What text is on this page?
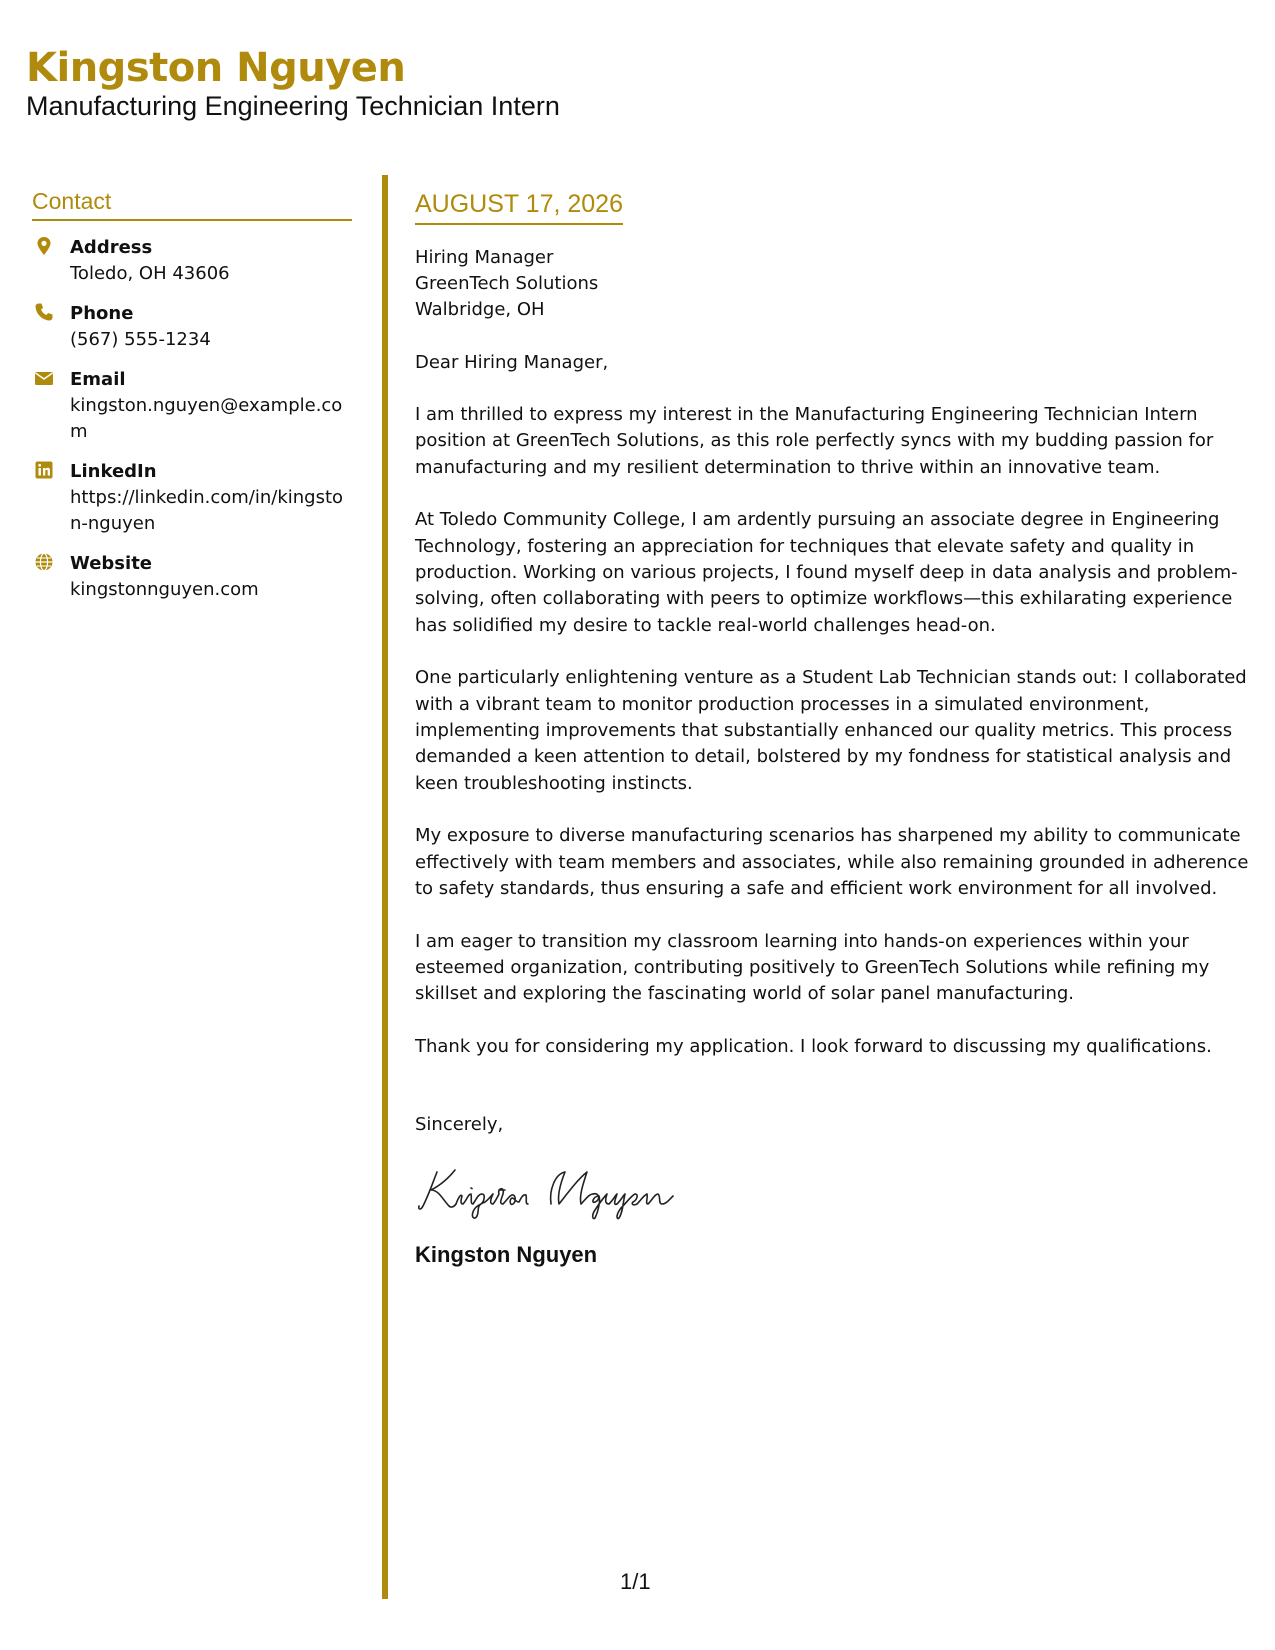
Kingston Nguyen
Manufacturing Engineering Technician Intern
Contact
Address
Toledo, OH 43606
Phone
(567) 555-1234
Email
kingston.nguyen@example.com
LinkedIn
https://linkedin.com/in/kingston-nguyen
Website
kingstonnguyen.com
AUGUST 17, 2026
Hiring Manager
GreenTech Solutions
Walbridge, OH
Dear Hiring Manager,
I am thrilled to express my interest in the Manufacturing Engineering Technician Intern position at GreenTech Solutions, as this role perfectly syncs with my budding passion for manufacturing and my resilient determination to thrive within an innovative team.
At Toledo Community College, I am ardently pursuing an associate degree in Engineering Technology, fostering an appreciation for techniques that elevate safety and quality in production. Working on various projects, I found myself deep in data analysis and problem-solving, often collaborating with peers to optimize workflows—this exhilarating experience has solidified my desire to tackle real-world challenges head-on.
One particularly enlightening venture as a Student Lab Technician stands out: I collaborated with a vibrant team to monitor production processes in a simulated environment, implementing improvements that substantially enhanced our quality metrics. This process demanded a keen attention to detail, bolstered by my fondness for statistical analysis and keen troubleshooting instincts.
My exposure to diverse manufacturing scenarios has sharpened my ability to communicate effectively with team members and associates, while also remaining grounded in adherence to safety standards, thus ensuring a safe and efficient work environment for all involved.
I am eager to transition my classroom learning into hands-on experiences within your esteemed organization, contributing positively to GreenTech Solutions while refining my skillset and exploring the fascinating world of solar panel manufacturing.
Thank you for considering my application. I look forward to discussing my qualifications.
Sincerely,
Kingston Nguyen
1/1
